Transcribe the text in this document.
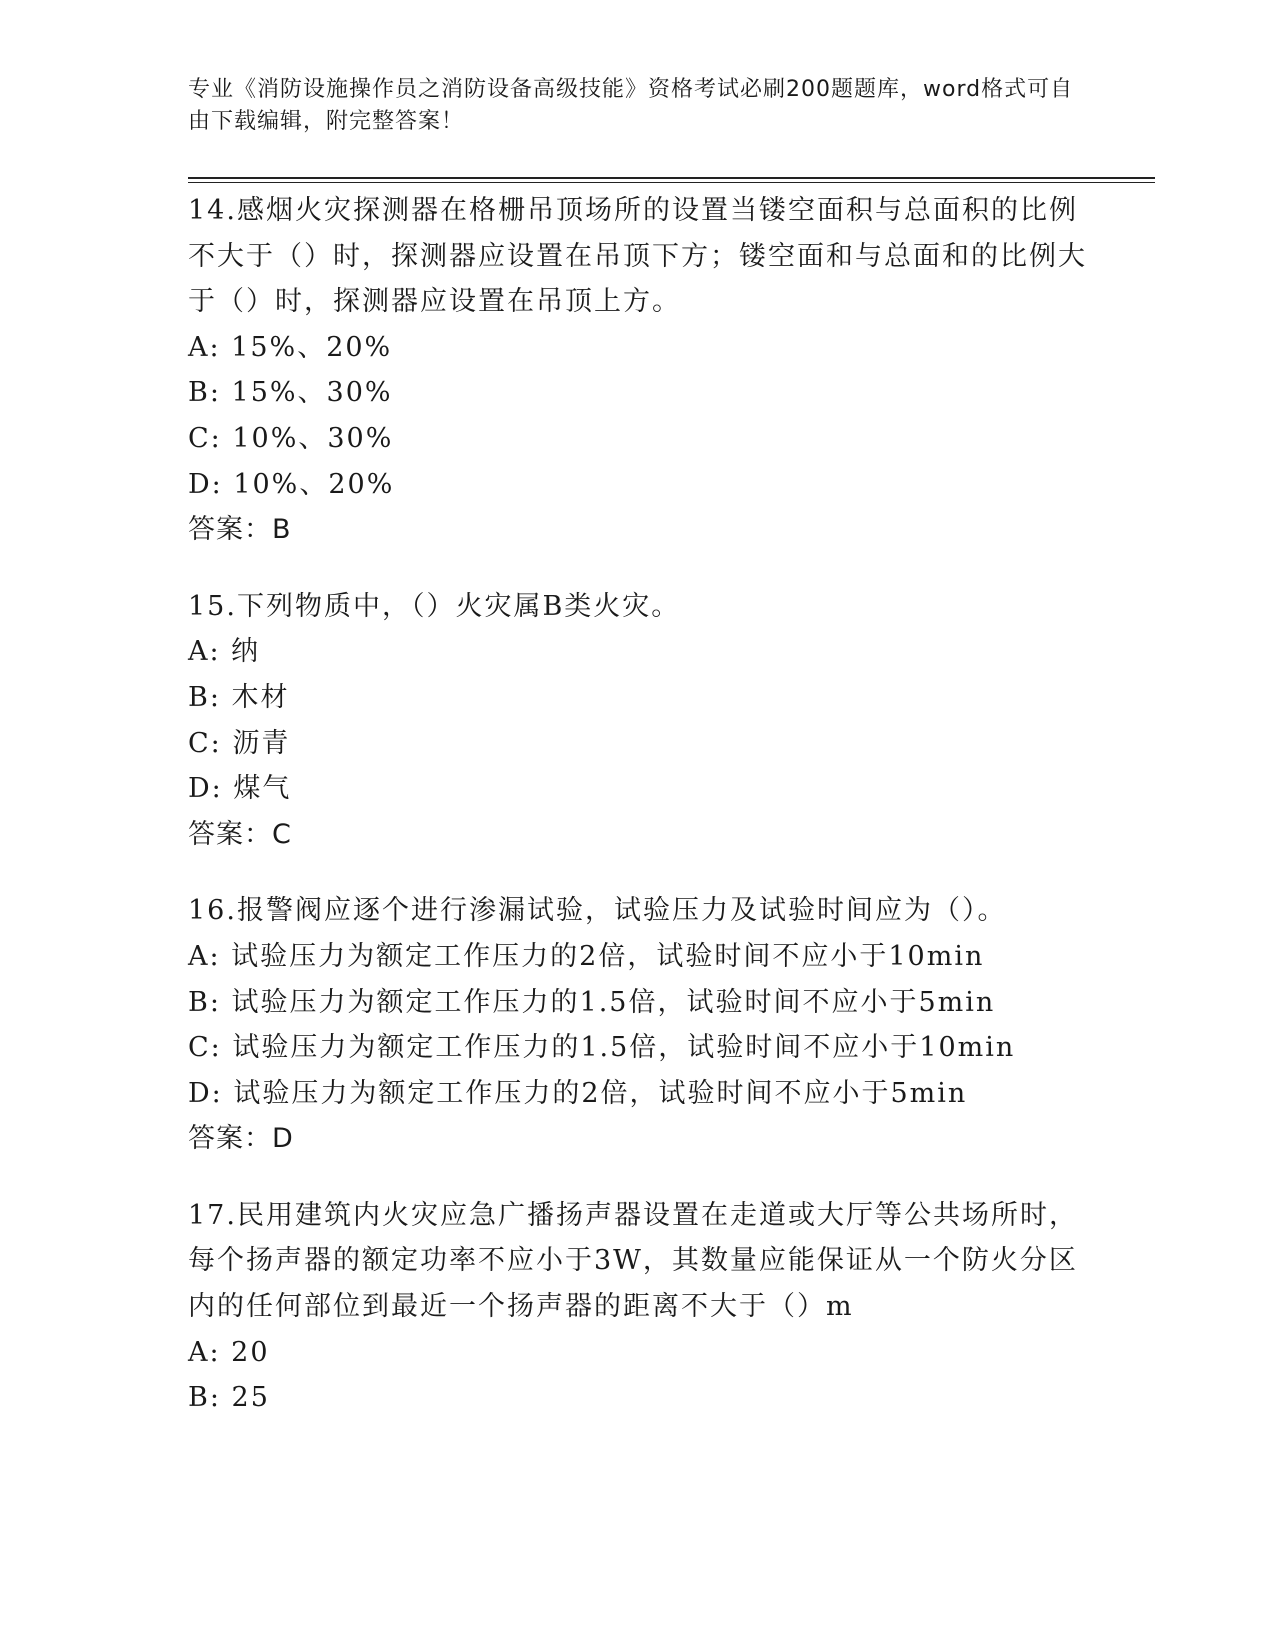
专业《消防设施操作员之消防设备高级技能》资格考试必刷200题题库，word格式可自由下载编辑，附完整答案！
14.感烟火灾探测器在格栅吊顶场所的设置当镂空面积与总面积的比例不大于（）时，探测器应设置在吊顶下方；镂空面和与总面和的比例大于（）时，探测器应设置在吊顶上方。
A: 15%、20%
B: 15%、30%
C: 10%、30%
D: 10%、20%
答案：B
15.下列物质中，（）火灾属B类火灾。
A: 纳
B: 木材
C: 沥青
D: 煤气
答案：C
16.报警阀应逐个进行渗漏试验，试验压力及试验时间应为（）。
A: 试验压力为额定工作压力的2倍，试验时间不应小于10min
B: 试验压力为额定工作压力的1.5倍，试验时间不应小于5min
C: 试验压力为额定工作压力的1.5倍，试验时间不应小于10min
D: 试验压力为额定工作压力的2倍，试验时间不应小于5min
答案：D
17.民用建筑内火灾应急广播扬声器设置在走道或大厅等公共场所时，每个扬声器的额定功率不应小于3W，其数量应能保证从一个防火分区内的任何部位到最近一个扬声器的距离不大于（）m
A: 20
B: 25
